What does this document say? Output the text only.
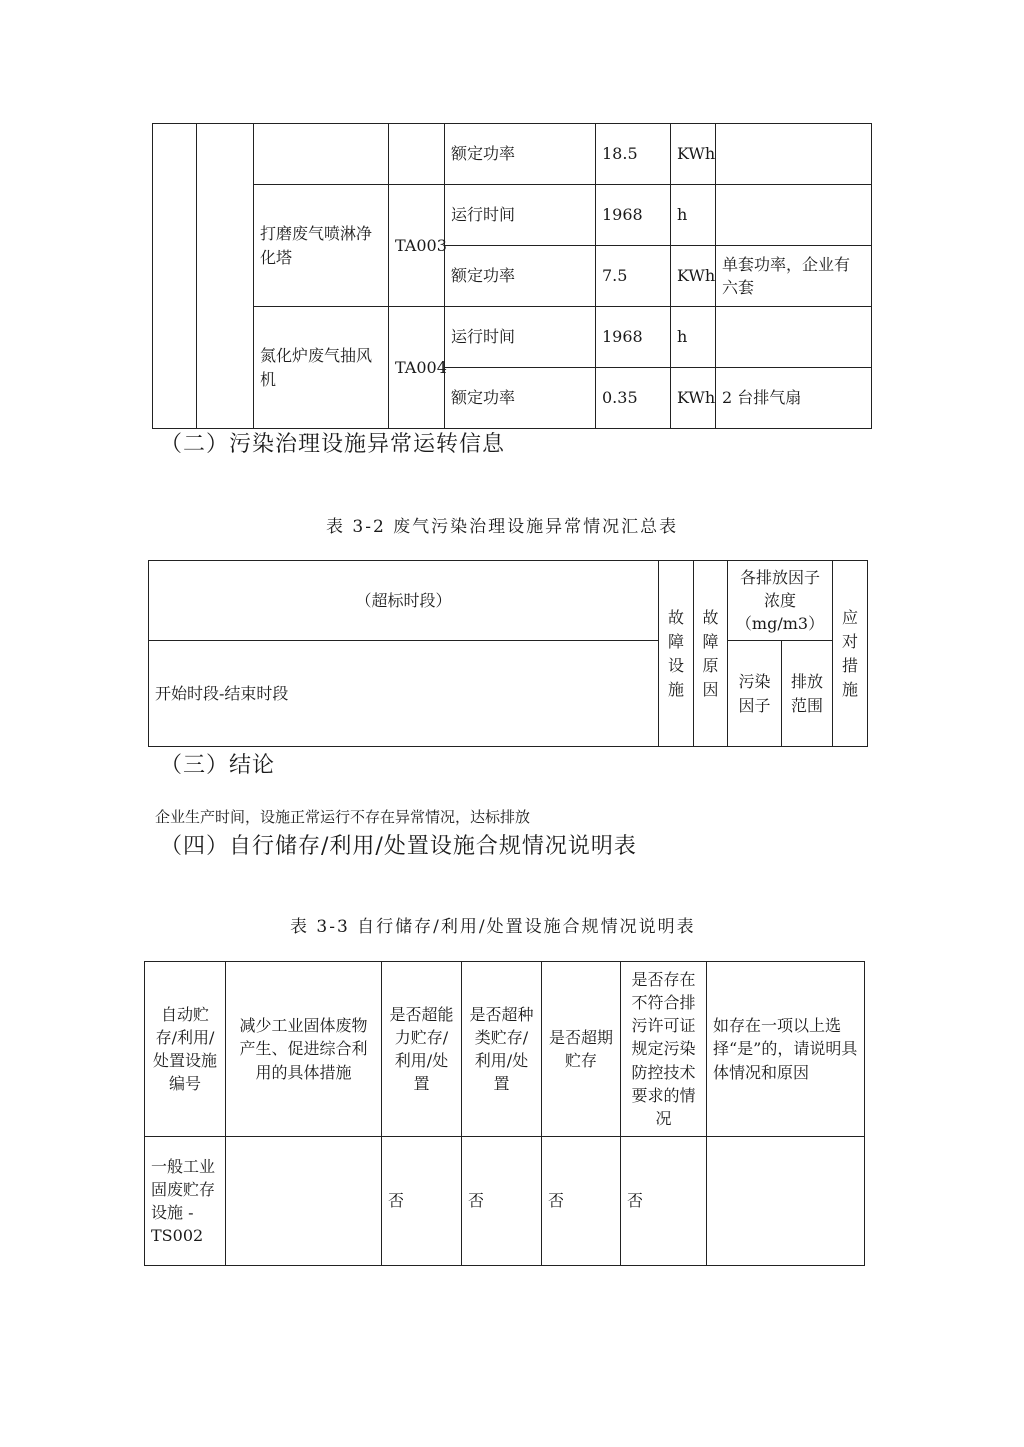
				额定功率	18.5	KWh	
		打磨废气喷淋净化塔	TA003	运行时间	1968	h	
				额定功率	7.5	KWh	单套功率，企业有六套
		氮化炉废气抽风机	TA004	运行时间	1968	h	
				额定功率	0.35	KWh	2 台排气扇
（二）污染治理设施异常运转信息
表 3-2 废气污染治理设施异常情况汇总表
（超标时段）	故障设施	故障原因	各排放因子浓度（mg/m3）		应对措施
开始时段-结束时段			污染因子	排放范围	
（三）结论
企业生产时间，设施正常运行不存在异常情况，达标排放
（四）自行储存/利用/处置设施合规情况说明表
表 3-3 自行储存/利用/处置设施合规情况说明表
自动贮存/利用/处置设施编号	减少工业固体废物产生、促进综合利用的具体措施	是否超能力贮存/利用/处置	是否超种类贮存/利用/处置	是否超期贮存	是否存在不符合排污许可证规定污染防控技术要求的情况	如存在一项以上选择“是”的，请说明具体情况和原因
一般工业固废贮存设施 -TS002		否	否	否	否	
